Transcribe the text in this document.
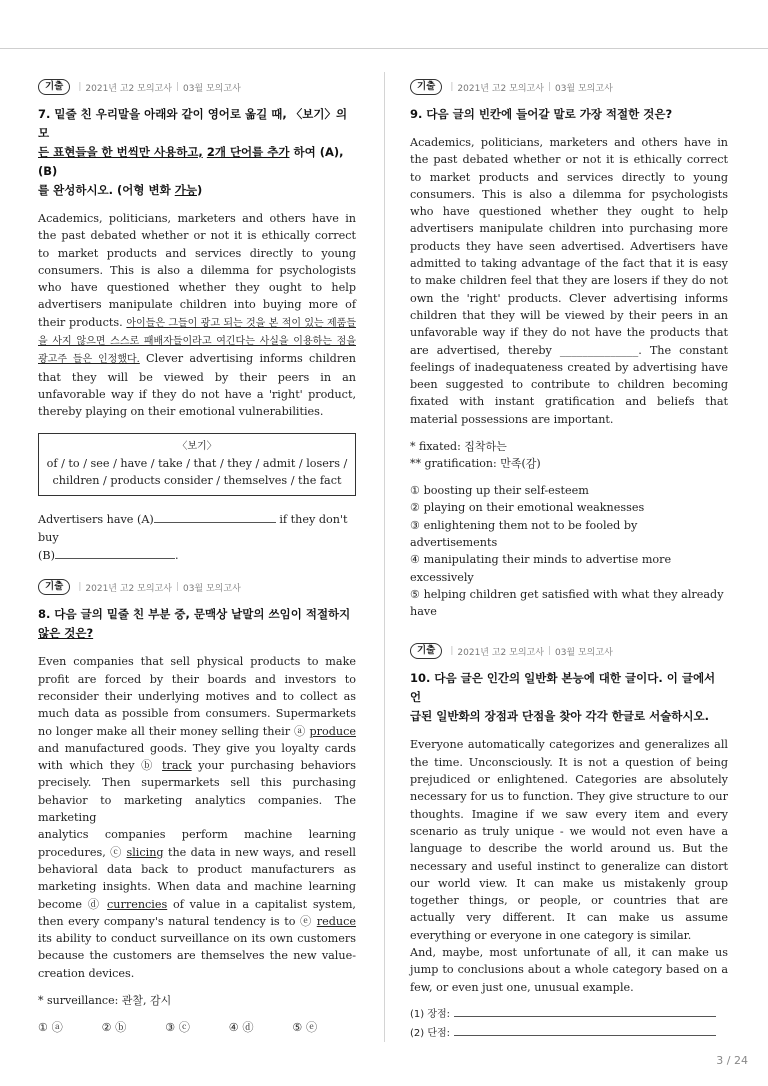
기출	| 2021년 고2 모의고사 | 03월 모의고사

7. 밑줄 친 우리말을 아래와 같이 영어로 옮길 때, 〈보기〉의 모
든 표현들을 한 번씩만 사용하고, 2개 단어를 추가 하여 (A), (B)
를 완성하시오. (어형 변화 가능)

Academics, politicians, marketers and others have in the past debated whether or not it is ethically correct to market products and services directly to young consumers. This is also a dilemma for psychologists who have questioned whether they ought to help advertisers manipulate children into buying more of their products. 아이들은 그들이 광고 되는 것을 본 적이 있는 제품들을 사지 않으면 스스로 패배자들이라고 여긴다는 사실을 이용하는 점을 광고주 들은 인정했다. Clever advertising informs children that they will be viewed by their peers in an unfavorable way if they do not have a 'right' product, thereby playing on their emotional vulnerabilities.

〈보기〉
of / to / see / have / take / that / they / admit / losers /
children / products consider / themselves / the fact

Advertisers have (A)	if they don't buy

(B)	.

기출	| 2021년 고2 모의고사 | 03월 모의고사

8. 다음 글의 밑줄 친 부분 중, 문맥상 낱말의 쓰임이 적절하지
않은 것은?

Even companies that sell physical products to make profit are forced by their boards and investors to reconsider their underlying motives and to collect as much data as possible from consumers. Supermarkets no longer make all their money selling their ⓐ produce and manufactured goods. They give you loyalty cards with which they ⓑ track your purchasing behaviors precisely. Then supermarkets sell this purchasing behavior to marketing analytics companies. The marketing
analytics companies perform machine learning procedures, ⓒ slicing the data in new ways, and resell behavioral data back to product manufacturers as marketing insights. When data and machine learning become ⓓ currencies of value in a capitalist system, then every company's natural tendency is to ⓔ reduce its ability to conduct surveillance on its own customers because the customers are themselves the new value-creation devices.

* surveillance: 관찰, 감시

① ⓐ	② ⓑ	③ ⓒ	④ ⓓ	⑤ ⓔ
기출	| 2021년 고2 모의고사 | 03월 모의고사

9. 다음 글의 빈칸에 들어갈 말로 가장 적절한 것은?

Academics, politicians, marketers and others have in the past debated whether or not it is ethically correct to market products and services directly to young consumers. This is also a dilemma for psychologists who have questioned whether they ought to help advertisers manipulate children into purchasing more products they have seen advertised. Advertisers have admitted to taking advantage of the fact that it is easy to make children feel that they are losers if they do not own the 'right' products. Clever advertising informs children that they will be viewed by their peers in an unfavorable way if they do not have the products that are advertised, thereby ______________. The constant feelings of inadequateness created by advertising have been suggested to contribute to children becoming fixated with instant gratification and beliefs that material possessions are important.

* fixated: 집착하는

** gratification: 만족(감)

① boosting up their self-esteem
② playing on their emotional weaknesses
③ enlightening them not to be fooled by advertisements
④ manipulating their minds to advertise more excessively
⑤ helping children get satisfied with what they already have
기출	| 2021년 고2 모의고사 | 03월 모의고사

10. 다음 글은 인간의 일반화 본능에 대한 글이다. 이 글에서 언
급된 일반화의 장점과 단점을 찾아 각각 한글로 서술하시오.

Everyone automatically categorizes and generalizes all the time. Unconsciously. It is not a question of being prejudiced or enlightened. Categories are absolutely necessary for us to function. They give structure to our thoughts. Imagine if we saw every item and every scenario as truly unique - we would not even have a language to describe the world around us. But the necessary and useful instinct to generalize can distort our world view. It can make us mistakenly group together things, or people, or countries that are actually very different. It can make us assume everything or everyone in one category is similar.
And, maybe, most unfortunate of all, it can make us jump to conclusions about a whole category based on a few, or even just one, unusual example.

(1) 장점:

(2) 단점:

3 / 24
